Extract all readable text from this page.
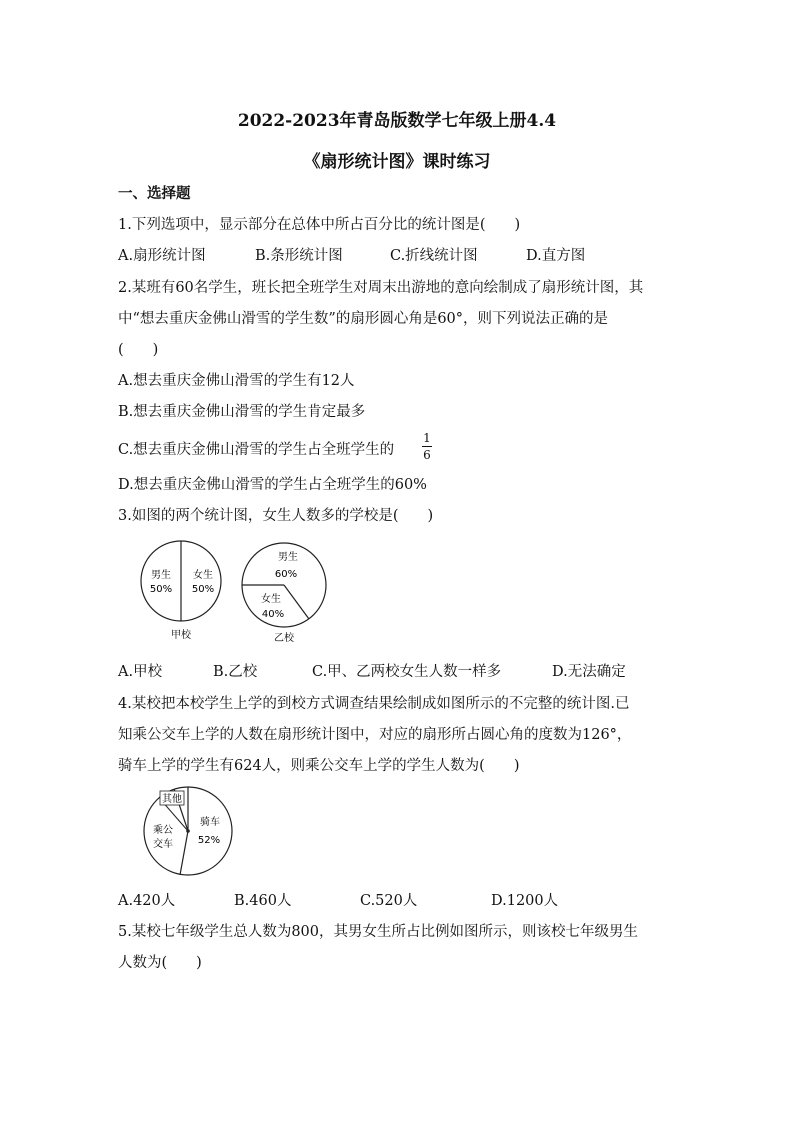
2022-2023年青岛版数学七年级上册4.4
《扇形统计图》课时练习
一、选择题
1.下列选项中，显示部分在总体中所占百分比的统计图是(　　)
A.扇形统计图	B.条形统计图	C.折线统计图	D.直方图
2.某班有60名学生，班长把全班学生对周末出游地的意向绘制成了扇形统计图，其
中“想去重庆金佛山滑雪的学生数”的扇形圆心角是60°，则下列说法正确的是
(　　)
A.想去重庆金佛山滑雪的学生有12人
B.想去重庆金佛山滑雪的学生肯定最多
C.想去重庆金佛山滑雪的学生占全班学生的
1
6
D.想去重庆金佛山滑雪的学生占全班学生的60%
3.如图的两个统计图，女生人数多的学校是(　　)
男生
50%
女生
50%
甲校
男生
60%
女生
40%
乙校
A.甲校	B.乙校	C.甲、乙两校女生人数一样多	D.无法确定
4.某校把本校学生上学的到校方式调查结果绘制成如图所示的不完整的统计图.已
知乘公交车上学的人数在扇形统计图中，对应的扇形所占圆心角的度数为126°，
骑车上学的学生有624人，则乘公交车上学的学生人数为(　　)
其他
乘公
交车
骑车
52%
A.420人	B.460人	C.520人	D.1200人
5.某校七年级学生总人数为800，其男女生所占比例如图所示，则该校七年级男生
人数为(　　)
